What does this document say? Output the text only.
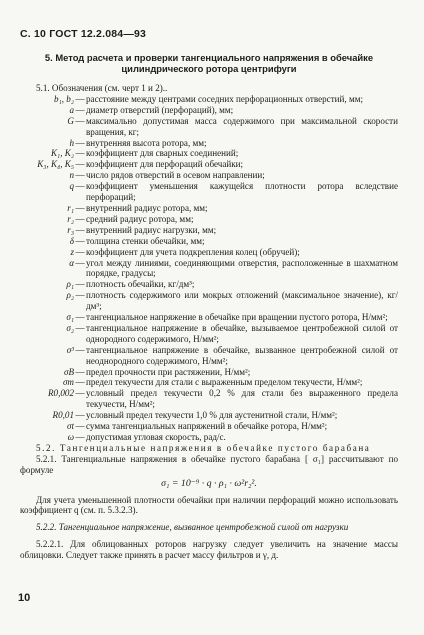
С. 10 ГОСТ 12.2.084—93

5. Метод расчета и проверки тангенциального напряжения в обечайке цилиндрического ротора центрифуги

5.1. Обозначения (см. черт 1 и 2)..

b₁, b₂ — расстояние между центрами соседних перфорационных отверстий, мм;
a — диаметр отверстий (перфораций), мм;
G — максимально допустимая масса содержимого при максимальной скорости вращения, кг;
h — внутренняя высота ротора, мм;
K₁, K₂ — коэффициент для сварных соединений;
K₃, K₄, K₅ — коэффициент для перфораций обечайки;
n — число рядов отверстий в осевом направлении;
q — коэффициент уменьшения кажущейся плотности ротора вследствие перфораций;
r₁ — внутренний радиус ротора, мм;
r₂ — средний радиус ротора, мм;
r₃ — внутренний радиус нагрузки, мм;
δ — толщина стенки обечайки, мм;
z — коэффициент для учета подкрепления колец (обручей);
α — угол между линиями, соединяющими отверстия, расположенные в шахматном порядке, градусы;
ρ₁ — плотность обечайки, кг/дм³;
ρ₂ — плотность содержимого или мокрых отложений (максимальное значение), кг/дм³;
σ₁ — тангенциальное напряжение в обечайке при вращении пустого ротора, Н/мм²;
σ₂ — тангенциальное напряжение в обечайке, вызываемое центробежной силой от однородного содержимого, Н/мм²;
σ³ — тангенциальное напряжение в обечайке, вызванное центробежной силой от неоднородного содержимого, Н/мм²;
σB — предел прочности при растяжении, Н/мм²;
σт — предел текучести для стали с выраженным пределом текучести, Н/мм²;
R0,002 — условный предел текучести 0,2 % для стали без выраженного предела текучести, Н/мм²;
R0,01 — условный предел текучести 1,0 % для аустенитной стали, Н/мм²;
σt — сумма тангенциальных напряжений в обечайке ротора, Н/мм²;
ω — допустимая угловая скорость, рад/с.

5.2. Тангенциальные напряжения в обечайке пустого барабана

5.2.1. Тангенциальные напряжения в обечайке пустого барабана [ σ₁] рассчитывают по формуле

σ₁ = 10⁻⁹ · q · ρ₁ · ω²r₂².

Для учета уменьшенной плотности обечайки при наличии перфораций можно использовать коэффициент q (см. п. 5.3.2.3).

5.2.2. Тангенциальное напряжение, вызванное центробежной силой от нагрузки

5.2.2.1. Для облицованных роторов нагрузку следует увеличить на значение массы облицовки. Следует также принять в расчет массу фильтров и γ, д.

10
